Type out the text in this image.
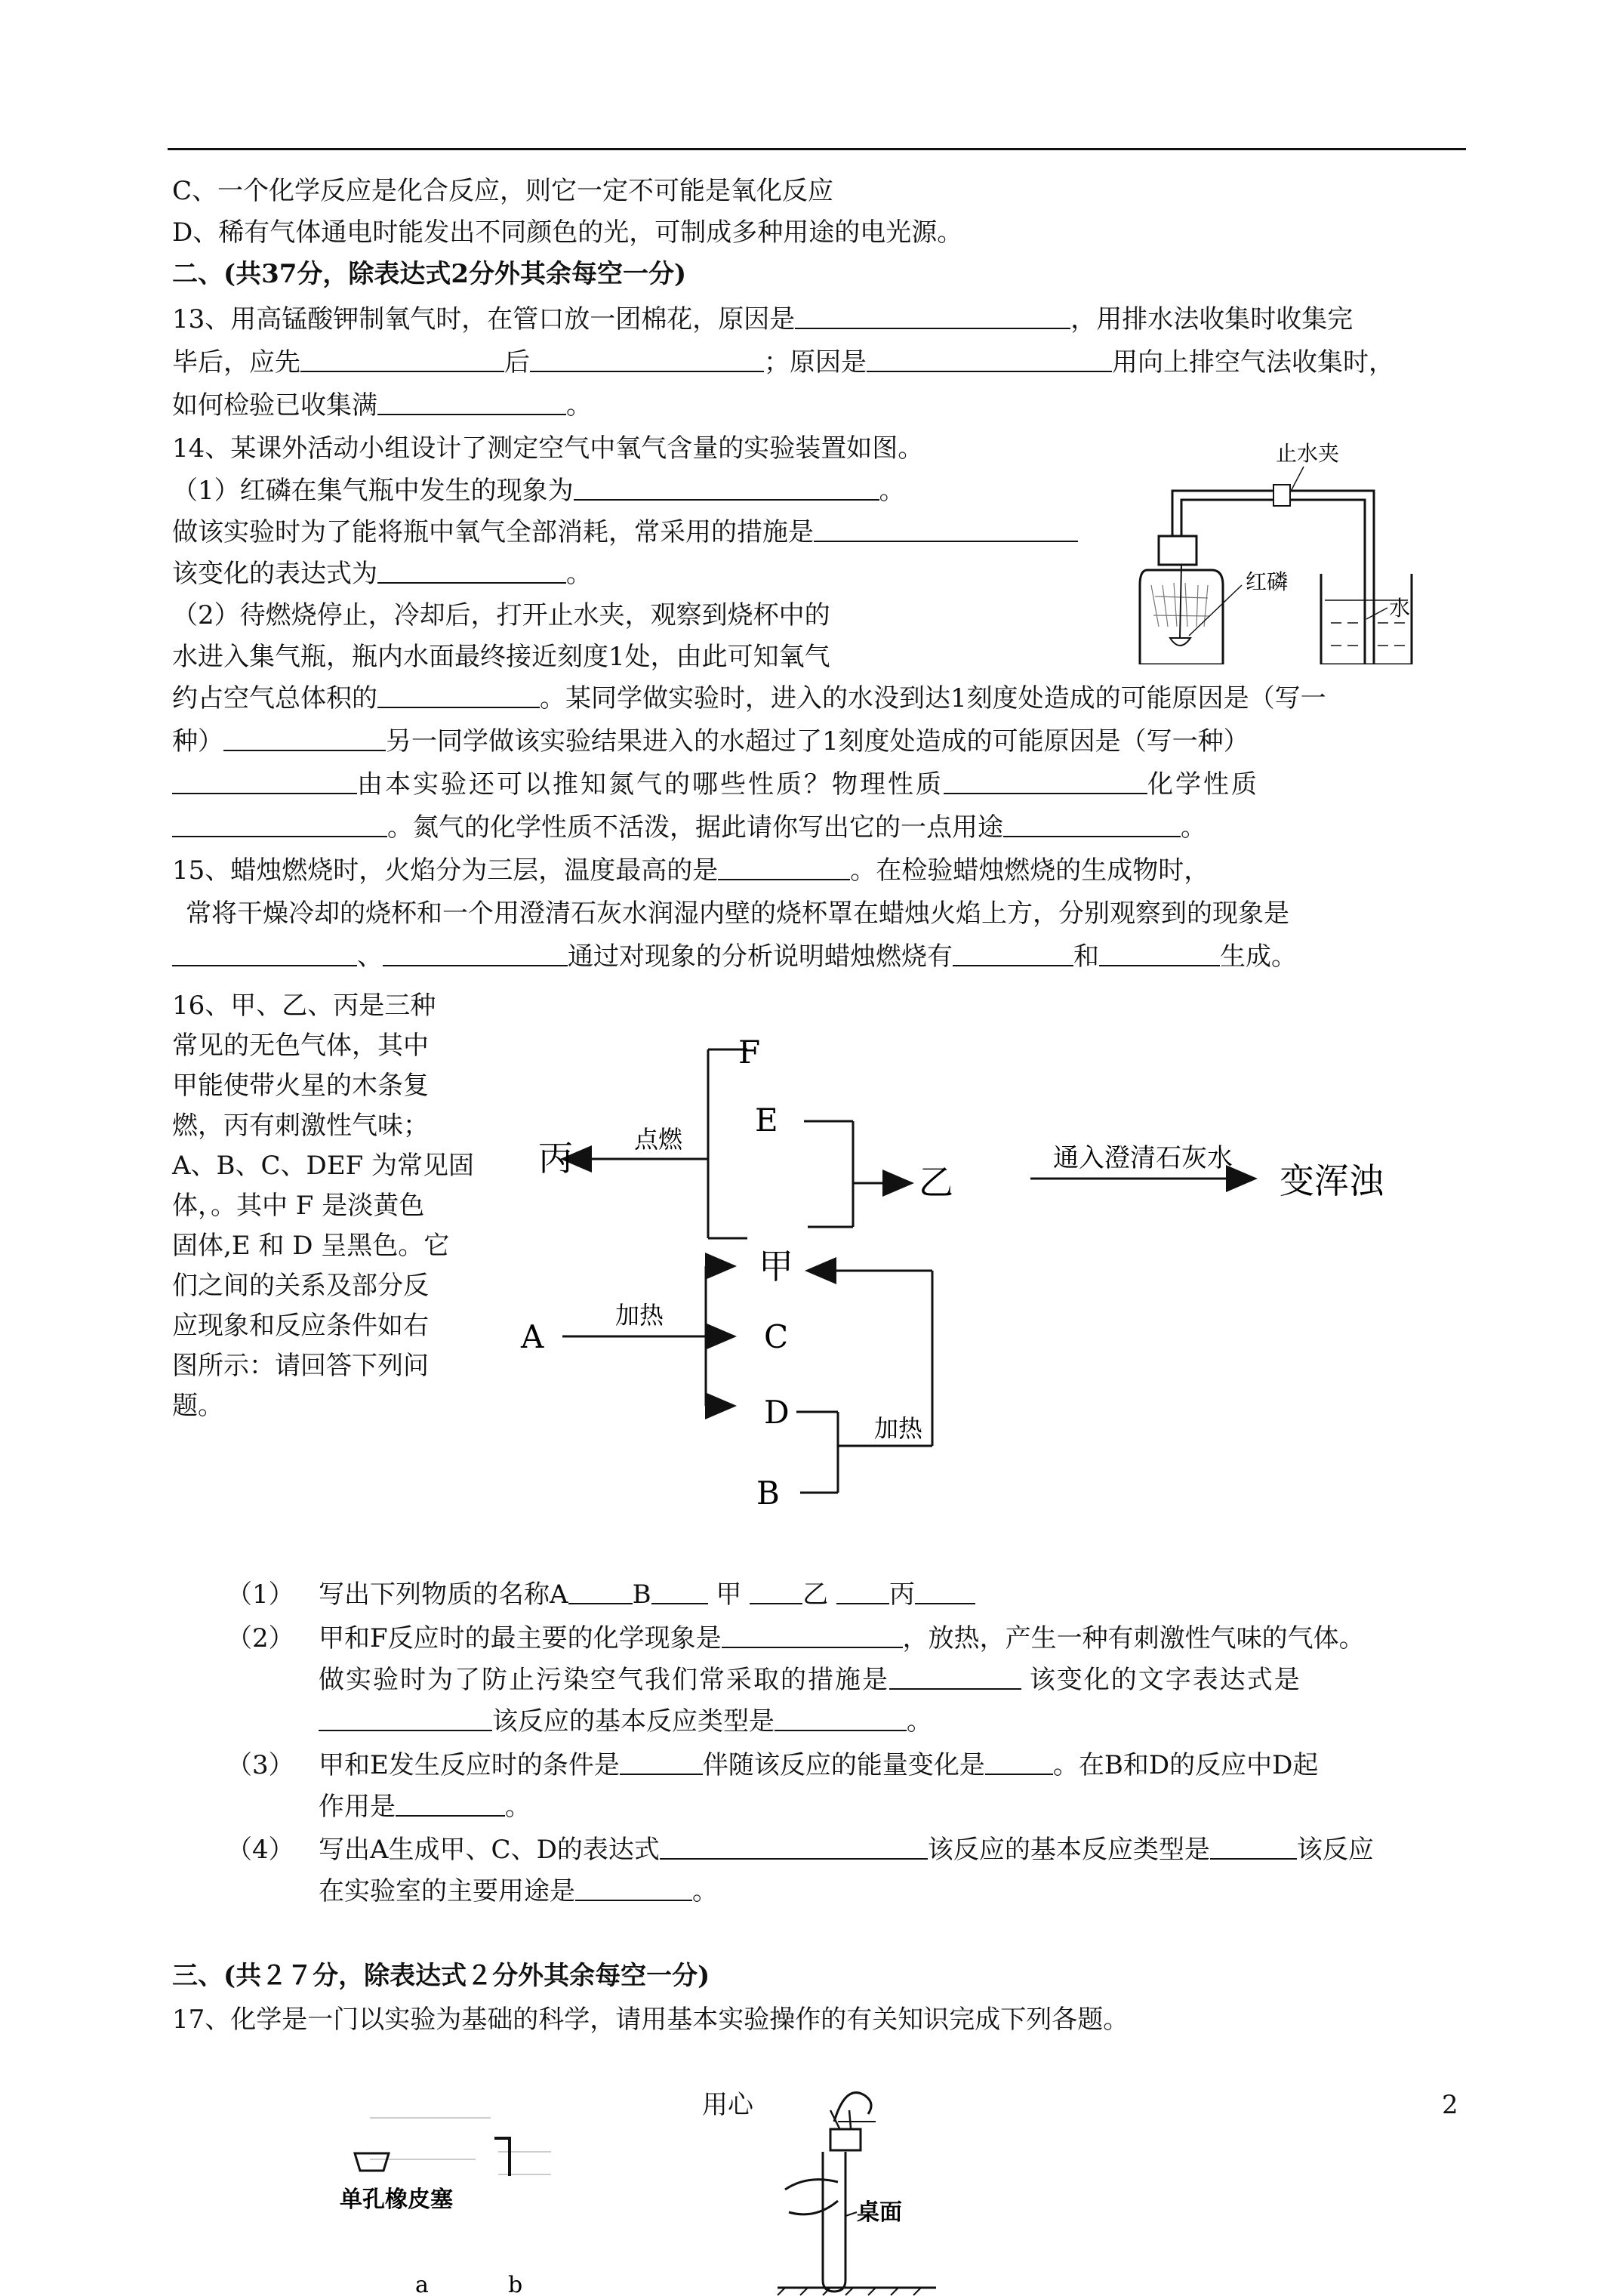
C、一个化学反应是化合反应，则它一定不可能是氧化反应
D、稀有气体通电时能发出不同颜色的光，可制成多种用途的电光源。
二、(共37分，除表达式2分外其余每空一分)
13、用高锰酸钾制氧气时，在管口放一团棉花，原因是	，用排水法收集时收集完
毕后，应先	后	；原因是	用向上排空气法收集时，
如何检验已收集满	。
14、某课外活动小组设计了测定空气中氧气含量的实验装置如图。
（1）红磷在集气瓶中发生的现象为	。
做该实验时为了能将瓶中氧气全部消耗，常采用的措施是
该变化的表达式为	。
（2）待燃烧停止，冷却后，打开止水夹，观察到烧杯中的
水进入集气瓶，瓶内水面最终接近刻度1处，由此可知氧气
约占空气总体积的	。某同学做实验时，进入的水没到达1刻度处造成的可能原因是（写一
种）	另一同学做该实验结果进入的水超过了1刻度处造成的可能原因是（写一种）
由本实验还可以推知氮气的哪些性质？物理性质	化学性质
。氮气的化学性质不活泼，据此请你写出它的一点用途	。
止水夹
红磷
水
15、蜡烛燃烧时，火焰分为三层，温度最高的是	。在检验蜡烛燃烧的生成物时，
常将干燥冷却的烧杯和一个用澄清石灰水润湿内壁的烧杯罩在蜡烛火焰上方，分别观察到的现象是
、	通过对现象的分析说明蜡烛燃烧有	和	生成。
16、甲、乙、丙是三种
常见的无色气体，其中
甲能使带火星的木条复
燃，丙有刺激性气味；
A、B、C、DEF 为常见固
体，。其中 F 是淡黄色
固体,E 和 D 呈黑色。它
们之间的关系及部分反
应现象和反应条件如右
图所示：请回答下列问
题。
F
E
丙	点燃
乙
通入澄清石灰水
变浑浊
甲
A
加热
C
D	加热
B
（1） 写出下列物质的名称A	B	甲 乙 丙
（2） 甲和F反应时的最主要的化学现象是	，放热，产生一种有刺激性气味的气体。
做实验时为了防止污染空气我们常采取的措施是	该变化的文字表达式是
该反应的基本反应类型是	。
（3） 甲和E发生反应时的条件是	伴随该反应的能量变化是	。在B和D的反应中D起
作用是	。
（4） 写出A生成甲、C、D的表达式	该反应的基本反应类型是	该反应
在实验室的主要用途是	。
三、(共２７分，除表达式２分外其余每空一分)
17、化学是一门以实验为基础的科学，请用基本实验操作的有关知识完成下列各题。
单孔橡皮塞
a	b
用心	2
桌面
